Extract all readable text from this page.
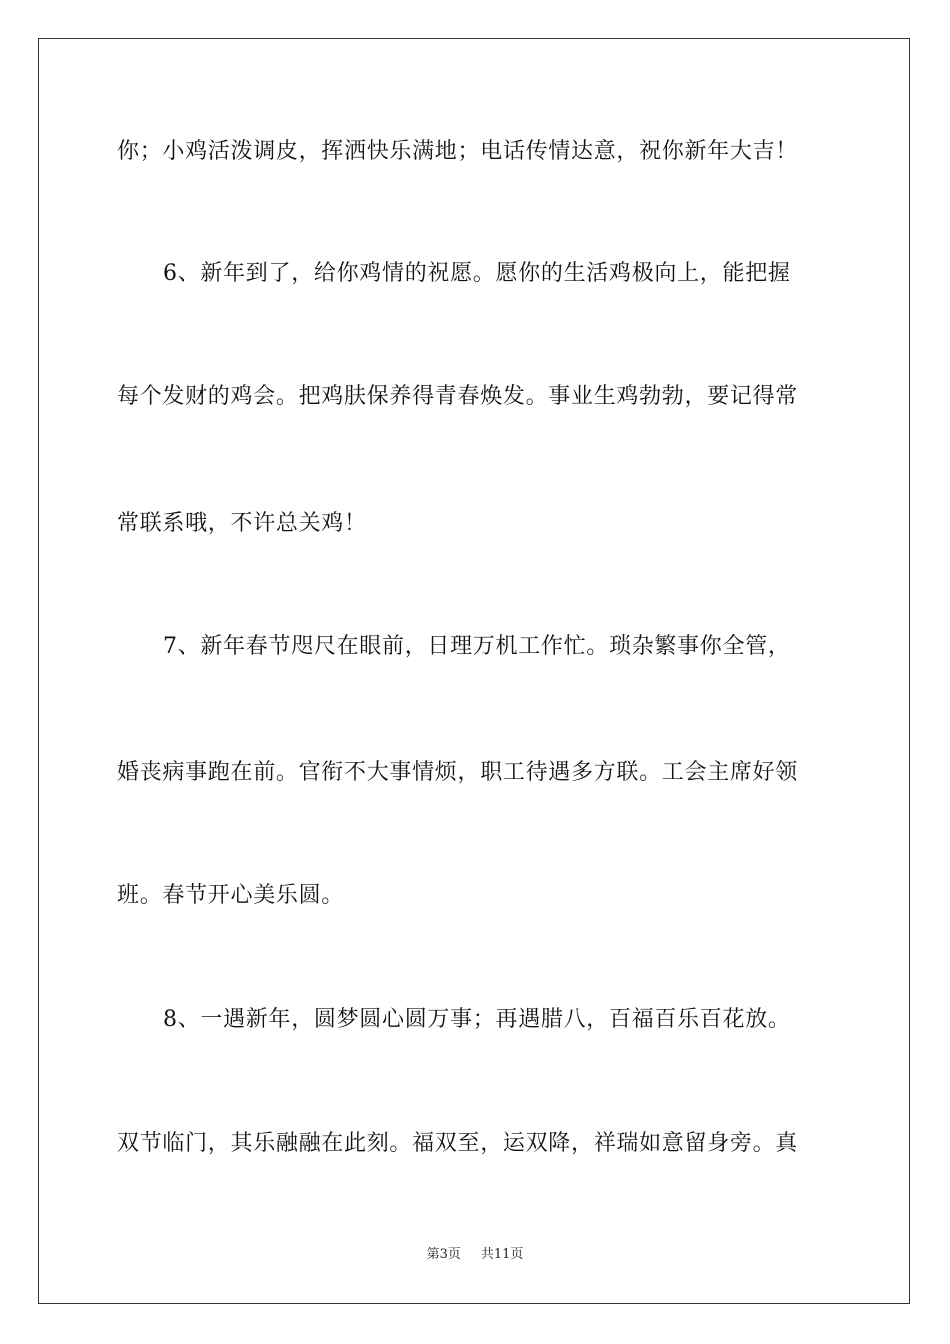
你；小鸡活泼调皮，挥洒快乐满地；电话传情达意，祝你新年大吉！
6、新年到了，给你鸡情的祝愿。愿你的生活鸡极向上，能把握
每个发财的鸡会。把鸡肤保养得青春焕发。事业生鸡勃勃，要记得常
常联系哦，不许总关鸡！
7、新年春节咫尺在眼前，日理万机工作忙。琐杂繁事你全管，
婚丧病事跑在前。官衔不大事情烦，职工待遇多方联。工会主席好领
班。春节开心美乐圆。
8、一遇新年，圆梦圆心圆万事；再遇腊八，百福百乐百花放。
双节临门，其乐融融在此刻。福双至，运双降，祥瑞如意留身旁。真
第3页 共11页
